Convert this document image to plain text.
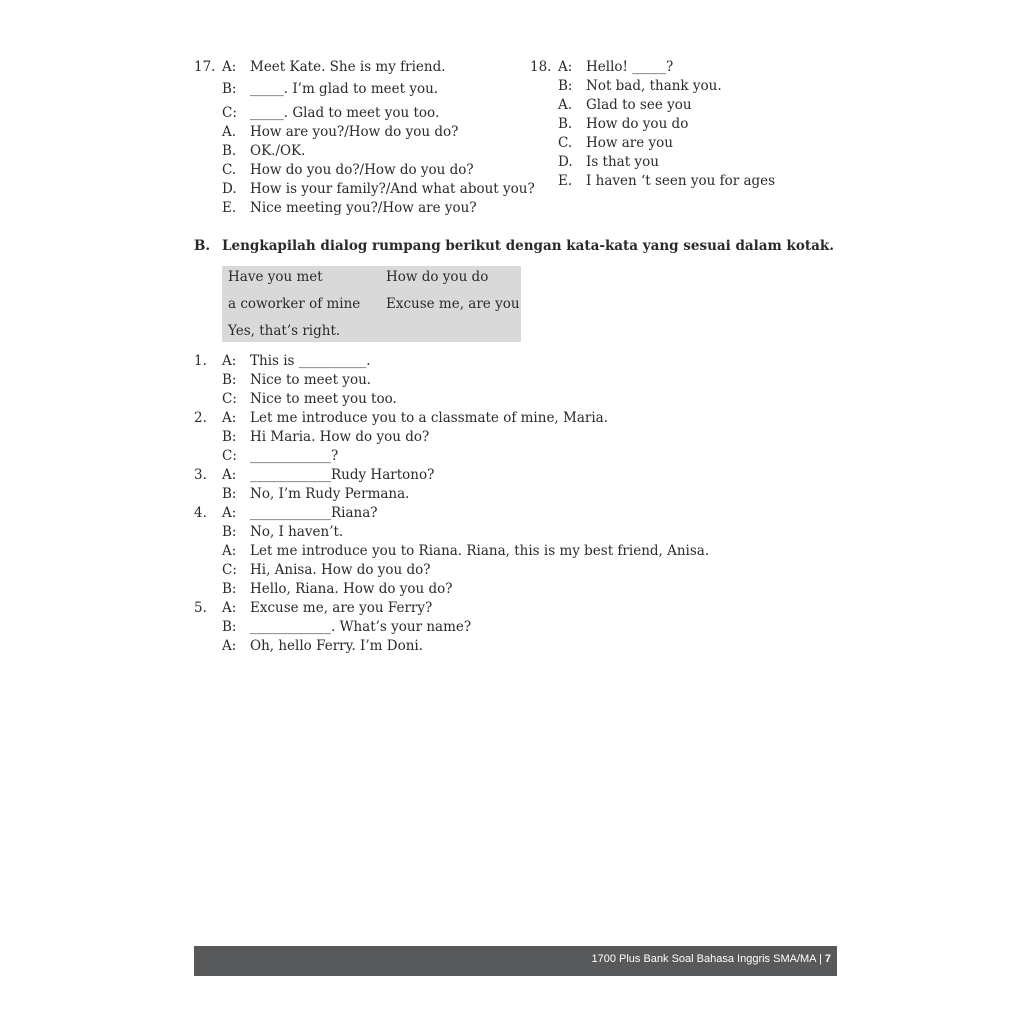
17. A: Meet Kate. She is my friend.
B: _____. I’m glad to meet you.
C: _____. Glad to meet you too.
A. How are you?/How do you do?
B. OK./OK.
C. How do you do?/How do you do?
D. How is your family?/And what about you?
E. Nice meeting you?/How are you?
18. A: Hello! _____?
B: Not bad, thank you.
A. Glad to see you
B. How do you do
C. How are you
D. Is that you
E. I haven ‘t seen you for ages
B. Lengkapilah dialog rumpang berikut dengan kata-kata yang sesuai dalam kotak.
Have you met	How do you do
a coworker of mine Excuse me, are you
Yes, that’s right.
1. A: This is __________.
B: Nice to meet you.
C: Nice to meet you too.
2. A: Let me introduce you to a classmate of mine, Maria.
B: Hi Maria. How do you do?
C: ____________?
3. A: ____________Rudy Hartono?
B: No, I’m Rudy Permana.
4. A: ____________Riana?
B: No, I haven’t.
A: Let me introduce you to Riana. Riana, this is my best friend, Anisa.
C: Hi, Anisa. How do you do?
B: Hello, Riana. How do you do?
5. A: Excuse me, are you Ferry?
B: ____________. What’s your name?
A: Oh, hello Ferry. I’m Doni.
1700 Plus Bank Soal Bahasa Inggris SMA/MA | 7
